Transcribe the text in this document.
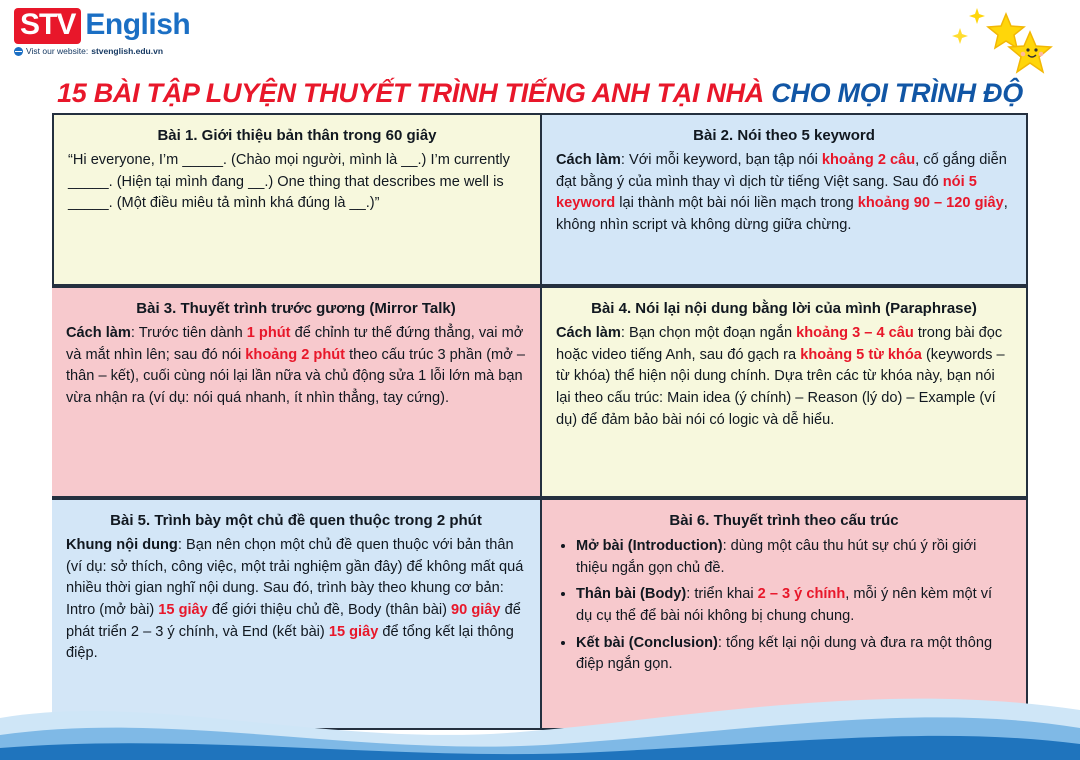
STV English
Vist our website: stvenglish.edu.vn
15 BÀI TẬP LUYỆN THUYẾT TRÌNH TIẾNG ANH TẠI NHÀ CHO MỌI TRÌNH ĐỘ
Bài 1. Giới thiệu bản thân trong 60 giây

“Hi everyone, I’m _____. (Chào mọi người, mình là __.) I’m currently _____. (Hiện tại mình đang __.) One thing that describes me well is _____. (Một điều miêu tả mình khá đúng là __.)”

Bài 2. Nói theo 5 keyword

Cách làm: Với mỗi keyword, bạn tập nói khoảng 2 câu, cố gắng diễn đạt bằng ý của mình thay vì dịch từ tiếng Việt sang. Sau đó nói 5 keyword lại thành một bài nói liền mạch trong khoảng 90 – 120 giây, không nhìn script và không dừng giữa chừng.

Bài 3. Thuyết trình trước gương (Mirror Talk)

Cách làm: Trước tiên dành 1 phút để chỉnh tư thế đứng thẳng, vai mở và mắt nhìn lên; sau đó nói khoảng 2 phút theo cấu trúc 3 phần (mở – thân – kết), cuối cùng nói lại lần nữa và chủ động sửa 1 lỗi lớn mà bạn vừa nhận ra (ví dụ: nói quá nhanh, ít nhìn thẳng, tay cứng).

Bài 4. Nói lại nội dung bằng lời của mình (Paraphrase)

Cách làm: Bạn chọn một đoạn ngắn khoảng 3 – 4 câu trong bài đọc hoặc video tiếng Anh, sau đó gạch ra khoảng 5 từ khóa (keywords – từ khóa) thể hiện nội dung chính. Dựa trên các từ khóa này, bạn nói lại theo cấu trúc: Main idea (ý chính) – Reason (lý do) – Example (ví dụ) để đảm bảo bài nói có logic và dễ hiểu.

Bài 5. Trình bày một chủ đề quen thuộc trong 2 phút

Khung nội dung: Bạn nên chọn một chủ đề quen thuộc với bản thân (ví dụ: sở thích, công việc, một trải nghiệm gần đây) để không mất quá nhiều thời gian nghĩ nội dung. Sau đó, trình bày theo khung cơ bản: Intro (mở bài) 15 giây để giới thiệu chủ đề, Body (thân bài) 90 giây để phát triển 2 – 3 ý chính, và End (kết bài) 15 giây để tổng kết lại thông điệp.

Bài 6. Thuyết trình theo cấu trúc
• Mở bài (Introduction): dùng một câu thu hút sự chú ý rồi giới thiệu ngắn gọn chủ đề.
• Thân bài (Body): triển khai 2 – 3 ý chính, mỗi ý nên kèm một ví dụ cụ thể để bài nói không bị chung chung.
• Kết bài (Conclusion): tổng kết lại nội dung và đưa ra một thông điệp ngắn gọn.
